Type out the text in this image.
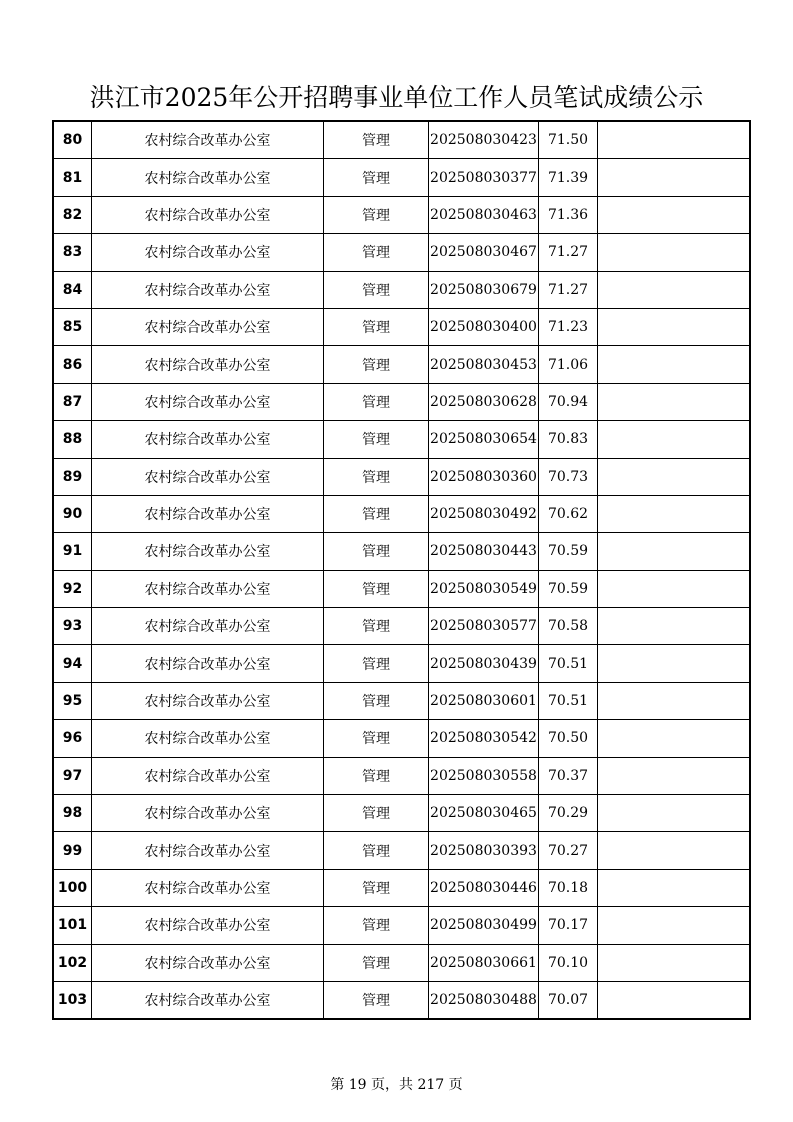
洪江市2025年公开招聘事业单位工作人员笔试成绩公示
80	农村综合改革办公室	管理	202508030423	71.50	
81	农村综合改革办公室	管理	202508030377	71.39	
82	农村综合改革办公室	管理	202508030463	71.36	
83	农村综合改革办公室	管理	202508030467	71.27	
84	农村综合改革办公室	管理	202508030679	71.27	
85	农村综合改革办公室	管理	202508030400	71.23	
86	农村综合改革办公室	管理	202508030453	71.06	
87	农村综合改革办公室	管理	202508030628	70.94	
88	农村综合改革办公室	管理	202508030654	70.83	
89	农村综合改革办公室	管理	202508030360	70.73	
90	农村综合改革办公室	管理	202508030492	70.62	
91	农村综合改革办公室	管理	202508030443	70.59	
92	农村综合改革办公室	管理	202508030549	70.59	
93	农村综合改革办公室	管理	202508030577	70.58	
94	农村综合改革办公室	管理	202508030439	70.51	
95	农村综合改革办公室	管理	202508030601	70.51	
96	农村综合改革办公室	管理	202508030542	70.50	
97	农村综合改革办公室	管理	202508030558	70.37	
98	农村综合改革办公室	管理	202508030465	70.29	
99	农村综合改革办公室	管理	202508030393	70.27	
100	农村综合改革办公室	管理	202508030446	70.18	
101	农村综合改革办公室	管理	202508030499	70.17	
102	农村综合改革办公室	管理	202508030661	70.10	
103	农村综合改革办公室	管理	202508030488	70.07	
第 19 页，共 217 页
